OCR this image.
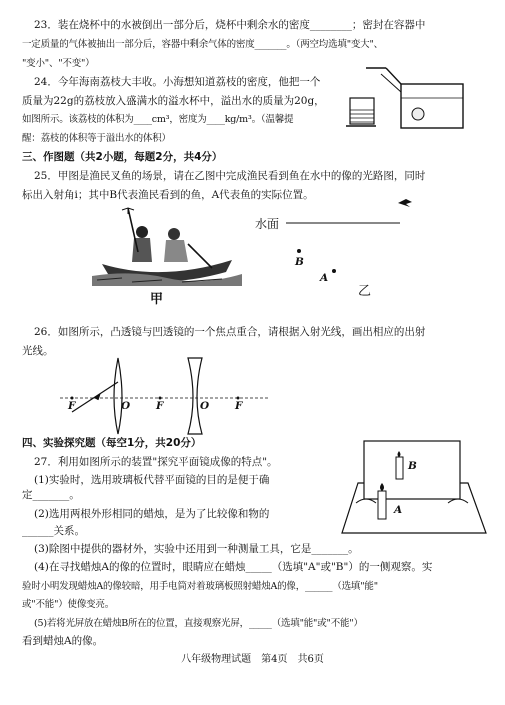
23．装在烧杯中的水被倒出一部分后，烧杯中剩余水的密度________；密封在容器中
一定质量的气体被抽出一部分后，容器中剩余气体的密度_______。（两空均选填"变大"、
"变小"、"不变"）
24．今年海南荔枝大丰收。小海想知道荔枝的密度，他把一个
质量为22g的荔枝放入盛满水的溢水杯中，溢出水的质量为20g，
如图所示。该荔枝的体积为____cm³，密度为____kg/m³。（温馨提
醒：荔枝的体积等于溢出水的体积）
三、作图题（共2小题，每题2分，共4分）
25．甲图是渔民叉鱼的场景，请在乙图中完成渔民看到鱼在水中的像的光路图，同时
标出入射角i；其中B代表渔民看到的鱼，A代表鱼的实际位置。
甲
水面
B
A
乙
26．如图所示，凸透镜与凹透镜的一个焦点重合，请根据入射光线，画出相应的出射
光线。
F	O F	O F
四、实验探究题（每空1分，共20分）
27．利用如图所示的装置"探究平面镜成像的特点"。
(1)实验时，选用玻璃板代替平面镜的目的是便于确
定_______。
(2)选用两根外形相同的蜡烛，是为了比较像和物的
______关系。
(3)除图中提供的器材外，实验中还用到一种测量工具，它是_______。
(4)在寻找蜡烛A的像的位置时，眼睛应在蜡烛_____（选填"A"或"B"）的一侧观察。实
验时小明发现蜡烛A的像较暗，用手电筒对着玻璃板照射蜡烛A的像，______（选填"能"
或"不能"）使像变亮。
(5)若将光屏放在蜡烛B所在的位置，直接观察光屏，_____（选填"能"或"不能"）
看到蜡烛A的像。
B
A
八年级物理试题　第4页　共6页
